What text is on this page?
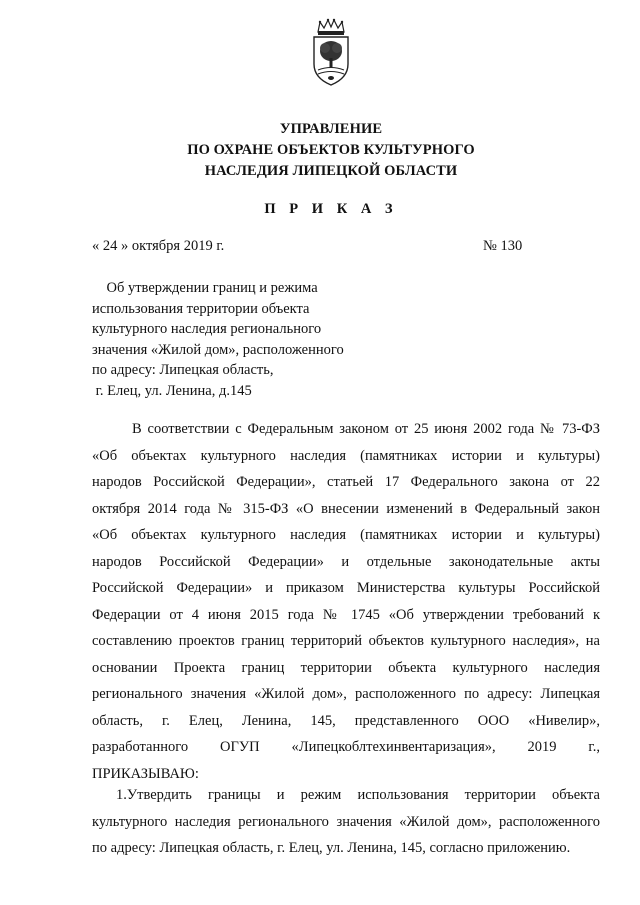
УПРАВЛЕНИЕ
ПО ОХРАНЕ ОБЪЕКТОВ КУЛЬТУРНОГО
НАСЛЕДИЯ ЛИПЕЦКОЙ ОБЛАСТИ
П Р И К А З
« 24 » октября 2019 г.	№ 130
Об утверждении границ и режима
использования территории объекта
культурного наследия регионального
значения «Жилой дом», расположенного
по адресу: Липецкая область,
г. Елец, ул. Ленина, д.145
В соответствии с Федеральным законом от 25 июня 2002 года № 73-ФЗ
«Об объектах культурного наследия (памятниках истории и культуры)
народов Российской Федерации», статьей 17 Федерального закона от 22
октября 2014 года № 315-ФЗ «О внесении изменений в Федеральный закон
«Об объектах культурного наследия (памятниках истории и культуры)
народов Российской Федерации» и отдельные законодательные акты
Российской Федерации» и приказом Министерства культуры Российской
Федерации от 4 июня 2015 года № 1745 «Об утверждении требований к
составлению проектов границ территорий объектов культурного наследия», на
основании Проекта границ территории объекта культурного наследия
регионального значения «Жилой дом», расположенного по адресу: Липецкая
область, г. Елец, Ленина, 145, представленного ООО «Нивелир»,
разработанного ОГУП «Липецкоблтехинвентаризация», 2019 г.,
ПРИКАЗЫВАЮ:
1.Утвердить границы и режим использования территории объекта
культурного наследия регионального значения «Жилой дом», расположенного
по адресу: Липецкая область, г. Елец, ул. Ленина, 145, согласно приложению.
